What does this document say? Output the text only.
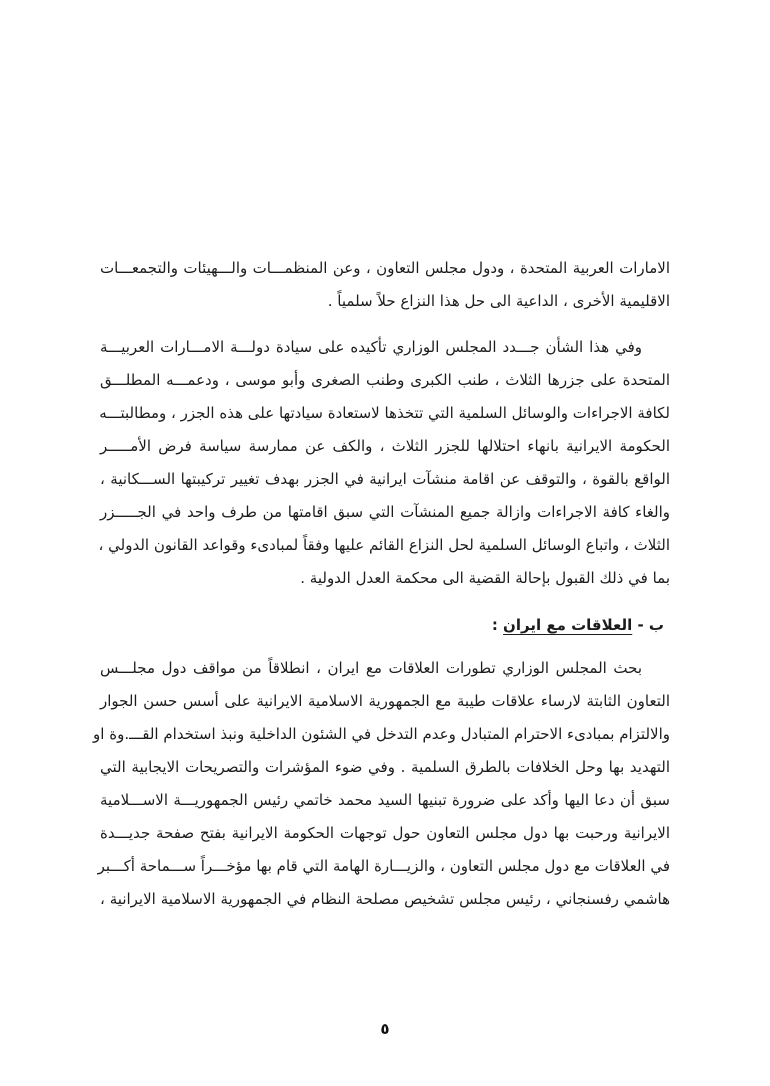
الامارات العربية المتحدة ، ودول مجلس التعاون ، وعن المنظمـــات والـــهيئات والتجمعـــات
الاقليمية الأخرى ، الداعية الى حل هذا النزاع حلاً سلمياً .
وفي هذا الشأن جـــدد المجلس الوزاري تأكيده على سيادة دولـــة الامـــارات العربيـــة
المتحدة على جزرها الثلاث ، طنب الكبرى وطنب الصغرى وأبو موسى ، ودعمـــه المطلـــق
لكافة الاجراءات والوسائل السلمية التي تتخذها لاستعادة سيادتها على هذه الجزر ، ومطالبتـــه
الحكومة الايرانية بانهاء احتلالها للجزر الثلاث ، والكف عن ممارسة سياسة فرض الأمـــــر
الواقع بالقوة ، والتوقف عن اقامة منشآت ايرانية في الجزر بهدف تغيير تركيبتها الســـكانية ،
والغاء كافة الاجراءات وازالة جميع المنشآت التي سبق اقامتها من طرف واحد في الجـــــزر
الثلاث ، واتباع الوسائل السلمية لحل النزاع القائم عليها وفقاً لمبادىء وقواعد القانون الدولي ،
بما في ذلك القبول بإحالة القضية الى محكمة العدل الدولية .
ب - العلاقات مع ايران :
بحث المجلس الوزاري تطورات العلاقات مع ايران ، انطلاقاً من مواقف دول مجلـــس
التعاون الثابتة لارساء علاقات طيبة مع الجمهورية الاسلامية الايرانية على أسس حسن الجوار
والالتزام بمبادىء الاحترام المتبادل وعدم التدخل في الشئون الداخلية ونبذ استخدام القـــ.وة او
التهديد بها وحل الخلافات بالطرق السلمية . وفي ضوء المؤشرات والتصريحات الايجابية التي
سبق أن دعا اليها وأكد على ضرورة تبنيها السيد محمد خاتمي رئيس الجمهوريـــة الاســـلامية
الايرانية ورحبت بها دول مجلس التعاون حول توجهات الحكومة الايرانية بفتح صفحة جديـــدة
في العلاقات مع دول مجلس التعاون ، والزيـــارة الهامة التي قام بها مؤخـــراً ســـماحة أكـــبر
هاشمي رفسنجاني ، رئيس مجلس تشخيص مصلحة النظام في الجمهورية الاسلامية الايرانية ،
٥
